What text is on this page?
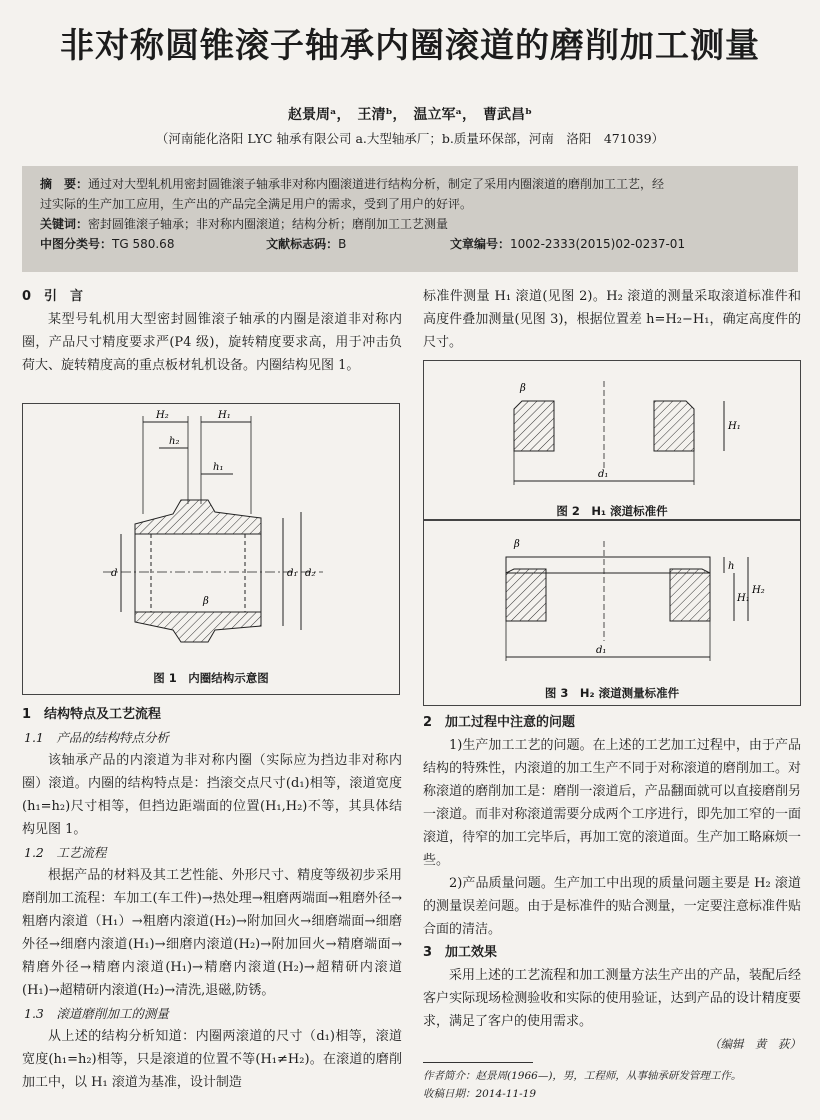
非对称圆锥滚子轴承内圈滚道的磨削加工测量
赵景周ᵃ，　王清ᵇ，　温立军ᵃ，　曹武昌ᵇ
（河南能化洛阳 LYC 轴承有限公司 a.大型轴承厂；b.质量环保部，河南　洛阳　471039）
摘　要：通过对大型轧机用密封圆锥滚子轴承非对称内圈滚道进行结构分析，制定了采用内圈滚道的磨削加工工艺，经
过实际的生产加工应用，生产出的产品完全满足用户的需求，受到了用户的好评。
关键词：密封圆锥滚子轴承；非对称内圈滚道；结构分析；磨削加工工艺测量
中图分类号：TG 580.68	文献标志码：B	文章编号：1002-2333(2015)02-0237-01

0　引　言

某型号轧机用大型密封圆锥滚子轴承的内圈是滚道非对称内圈，产品尺寸精度要求严(P4 级)，旋转精度要求高，用于冲击负荷大、旋转精度高的重点板材轧机设备。内圈结构见图 1。

H₂	H₁
h₂
h₁
d	d₁ d₂
β
图 1　内圈结构示意图

1　结构特点及工艺流程

1.1　产品的结构特点分析

该轴承产品的内滚道为非对称内圈（实际应为挡边非对称内圈）滚道。内圈的结构特点是：挡滚交点尺寸(d₁)相等，滚道宽度(h₁=h₂)尺寸相等，但挡边距端面的位置(H₁,H₂)不等，其具体结构见图 1。

1.2　工艺流程

根据产品的材料及其工艺性能、外形尺寸、精度等级初步采用磨削加工流程：车加工(车工件)→热处理→粗磨两端面→粗磨外径→粗磨内滚道（H₁）→粗磨内滚道(H₂)→附加回火→细磨端面→细磨外径→细磨内滚道(H₁)→细磨内滚道(H₂)→附加回火→精磨端面→精磨外径→精磨内滚道(H₁)→精磨内滚道(H₂)→超精研内滚道(H₁)→超精研内滚道(H₂)→清洗,退磁,防锈。

1.3　滚道磨削加工的测量

从上述的结构分析知道：内圈两滚道的尺寸（d₁)相等，滚道宽度(h₁=h₂)相等，只是滚道的位置不等(H₁≠H₂)。在滚道的磨削加工中，以 H₁ 滚道为基准，设计制造

标准件测量 H₁ 滚道(见图 2)。H₂ 滚道的测量采取滚道标准件和高度件叠加测量(见图 3)，根据位置差 h=H₂−H₁，确定高度件的尺寸。

d₁
H₁
β
图 2　H₁ 滚道标准件
d₁
h
H₁
H₂
β
图 3　H₂ 滚道测量标准件

2　加工过程中注意的问题

1)生产加工工艺的问题。在上述的工艺加工过程中，由于产品结构的特殊性，内滚道的加工生产不同于对称滚道的磨削加工。对称滚道的磨削加工是：磨削一滚道后，产品翻面就可以直接磨削另一滚道。而非对称滚道需要分成两个工序进行，即先加工窄的一面滚道，待窄的加工完毕后，再加工宽的滚道面。生产加工略麻烦一些。

2)产品质量问题。生产加工中出现的质量问题主要是 H₂ 滚道的测量误差问题。由于是标准件的贴合测量，一定要注意标准件贴合面的清洁。

3　加工效果

采用上述的工艺流程和加工测量方法生产出的产品，装配后经客户实际现场检测验收和实际的使用验证，达到产品的设计精度要求，满足了客户的使用需求。

（编辑　黄　荻）

作者简介：赵景周(1966—)，男，工程师，从事轴承研发管理工作。
收稿日期：2014-11-19
